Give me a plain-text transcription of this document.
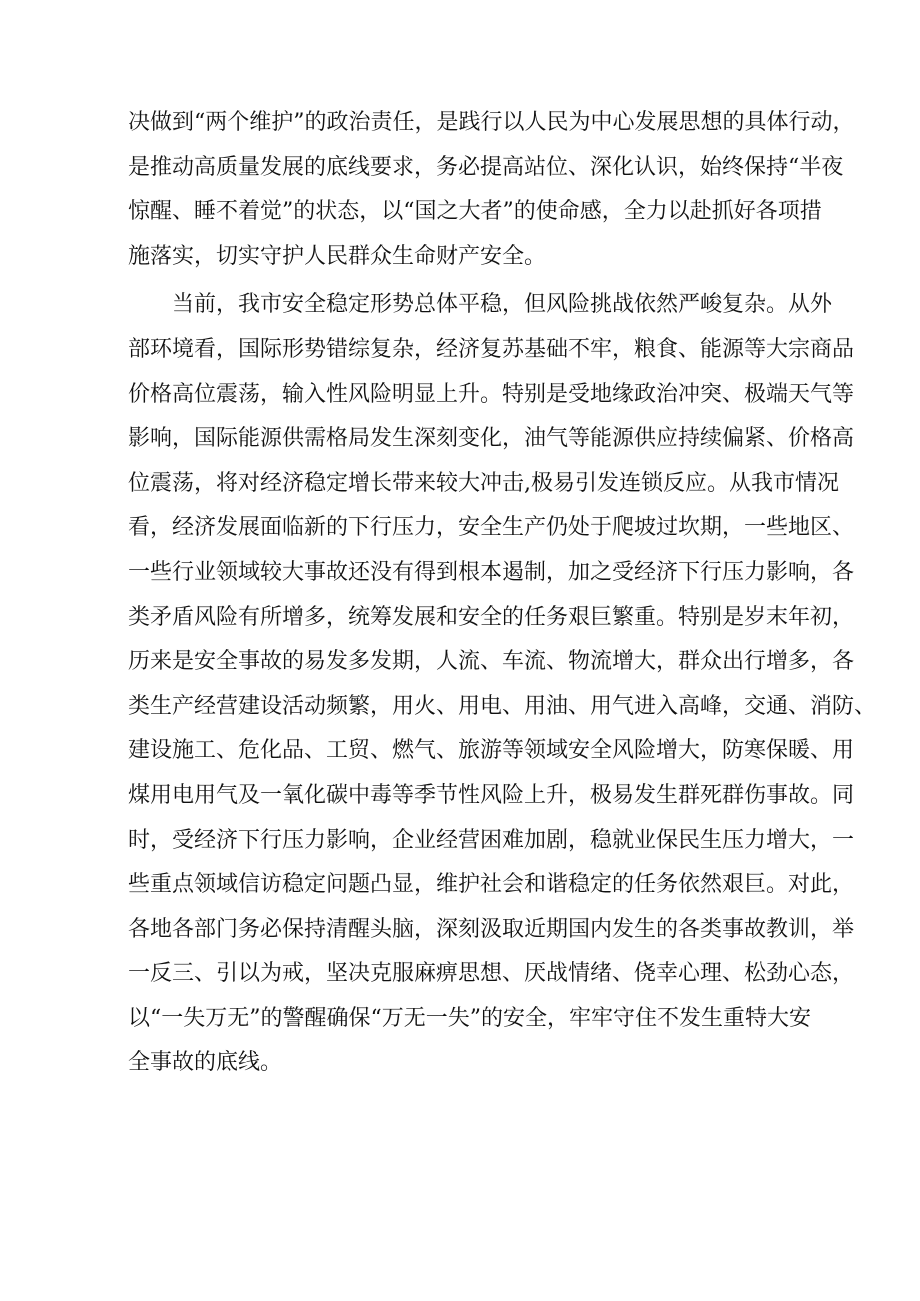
决做到“两个维护”的政治责任，是践行以人民为中心发展思想的具体行动，
是推动高质量发展的底线要求，务必提高站位、深化认识，始终保持“半夜
惊醒、睡不着觉”的状态，以“国之大者”的使命感，全力以赴抓好各项措
施落实，切实守护人民群众生命财产安全。

当前，我市安全稳定形势总体平稳，但风险挑战依然严峻复杂。从外
部环境看，国际形势错综复杂，经济复苏基础不牢，粮食、能源等大宗商品
价格高位震荡，输入性风险明显上升。特别是受地缘政治冲突、极端天气等
影响，国际能源供需格局发生深刻变化，油气等能源供应持续偏紧、价格高
位震荡，将对经济稳定增长带来较大冲击,极易引发连锁反应。从我市情况
看，经济发展面临新的下行压力，安全生产仍处于爬坡过坎期，一些地区、
一些行业领域较大事故还没有得到根本遏制，加之受经济下行压力影响，各
类矛盾风险有所增多，统筹发展和安全的任务艰巨繁重。特别是岁末年初，
历来是安全事故的易发多发期，人流、车流、物流增大，群众出行增多，各
类生产经营建设活动频繁，用火、用电、用油、用气进入高峰，交通、消防、
建设施工、危化品、工贸、燃气、旅游等领域安全风险增大，防寒保暖、用
煤用电用气及一氧化碳中毒等季节性风险上升，极易发生群死群伤事故。同
时，受经济下行压力影响，企业经营困难加剧，稳就业保民生压力增大，一
些重点领域信访稳定问题凸显，维护社会和谐稳定的任务依然艰巨。对此，
各地各部门务必保持清醒头脑，深刻汲取近期国内发生的各类事故教训，举
一反三、引以为戒，坚决克服麻痹思想、厌战情绪、侥幸心理、松劲心态，
以“一失万无”的警醒确保“万无一失”的安全，牢牢守住不发生重特大安
全事故的底线。
